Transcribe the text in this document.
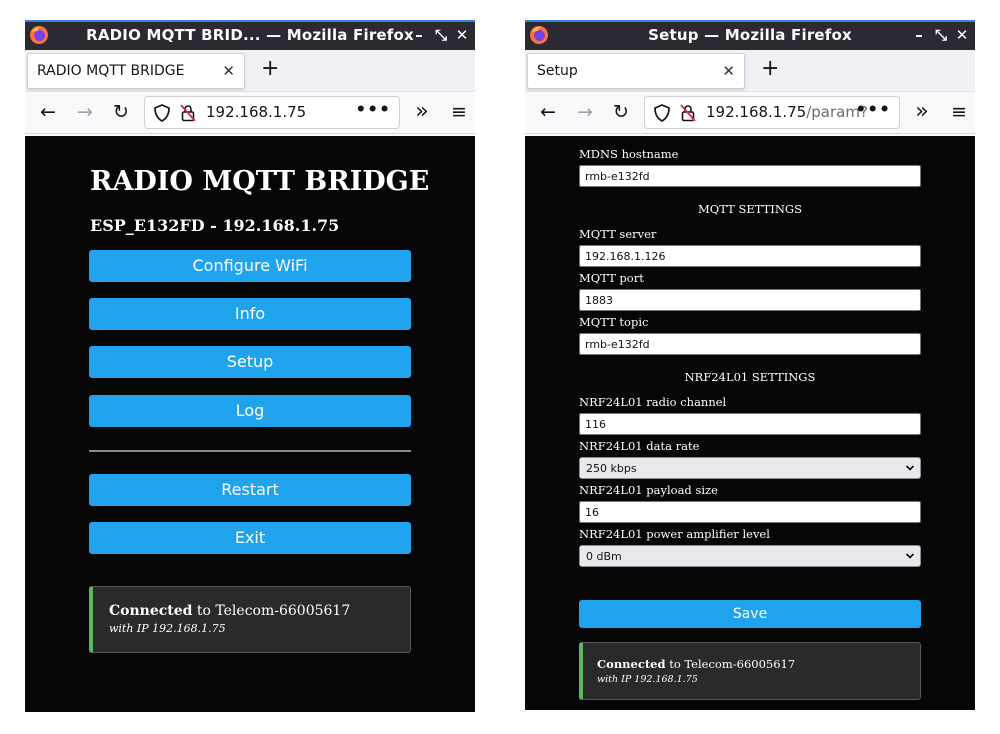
RADIO MQTT BRID... — Mozilla Firefox – ⤡ ✕
RADIO MQTT BRIDGE	✕ +
← → ↻	192.168.1.75	••• » ≡
RADIO MQTT BRIDGE
ESP_E132FD - 192.168.1.75
Configure WiFi
Info
Setup
Log
Restart
Exit
Connected to Telecom-66005617
with IP 192.168.1.75
Setup — Mozilla Firefox	– ⤡ ✕
Setup	✕ +
← → ↻	192.168.1.75/param?
••• » ≡
MDNS hostname
rmb-e132fd
MQTT SETTINGS
MQTT server
192.168.1.126
MQTT port
1883
MQTT topic
rmb-e132fd
NRF24L01 SETTINGS
NRF24L01 radio channel
116
NRF24L01 data rate
250 kbps
NRF24L01 payload size
16
NRF24L01 power amplifier level
0 dBm
Save
Connected to Telecom-66005617
with IP 192.168.1.75
